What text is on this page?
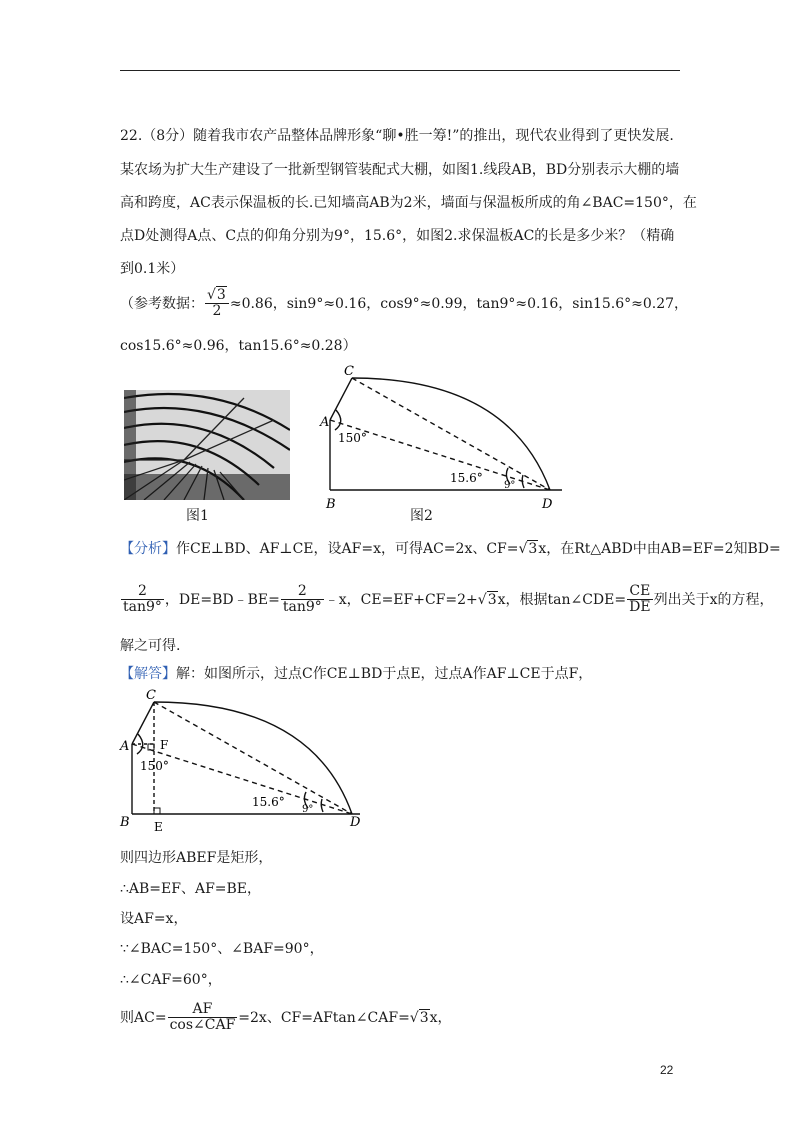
22.（8分）随着我市农产品整体品牌形象“聊•胜一筹!”的推出，现代农业得到了更快发展.
某农场为扩大生产建设了一批新型钢管装配式大棚，如图1.线段AB，BD分别表示大棚的墙
高和跨度，AC表示保温板的长.已知墙高AB为2米，墙面与保温板所成的角∠BAC=150°，在
点D处测得A点、C点的仰角分别为9°，15.6°，如图2.求保温板AC的长是多少米？（精确
到0.1米）
（参考数据： $\frac{√3}{2} \approx 0.86$，sin9°≈0.16，cos9°≈0.99，tan9°≈0.16，sin15.6°≈0.27，
cos15.6°≈0.96，tan15.6°≈0.28）
图1
C
A
B	D
150°
15.6°
9°
图2
【分析】作CE⊥BD、AF⊥CE，设AF=x，可得AC=2x、CF=√3x，在Rt△ABD中由AB=EF=2知BD=
$\frac{2}{\tan 9^\circ}$ ，DE=BD﹣BE= $\frac{2}{\tan 9^\circ}$ ﹣x，CE=EF+CF=2+√3x，根据tan∠CDE= $\frac{CE}{DE}$ 列出关于x的方程，
解之可得.
【解答】解：如图所示，过点C作CE⊥BD于点E，过点A作AF⊥CE于点F，
C
A	F
B E	D
150°
15.6°
9°
则四边形ABEF是矩形，
∴AB=EF、AF=BE，
设AF=x，
∵∠BAC=150°、∠BAF=90°，
∴∠CAF=60°，
则$AC= \frac{AF}{\text{cos∠CAF}} =2x$、CF=AFtan∠CAF=√3x，
22
